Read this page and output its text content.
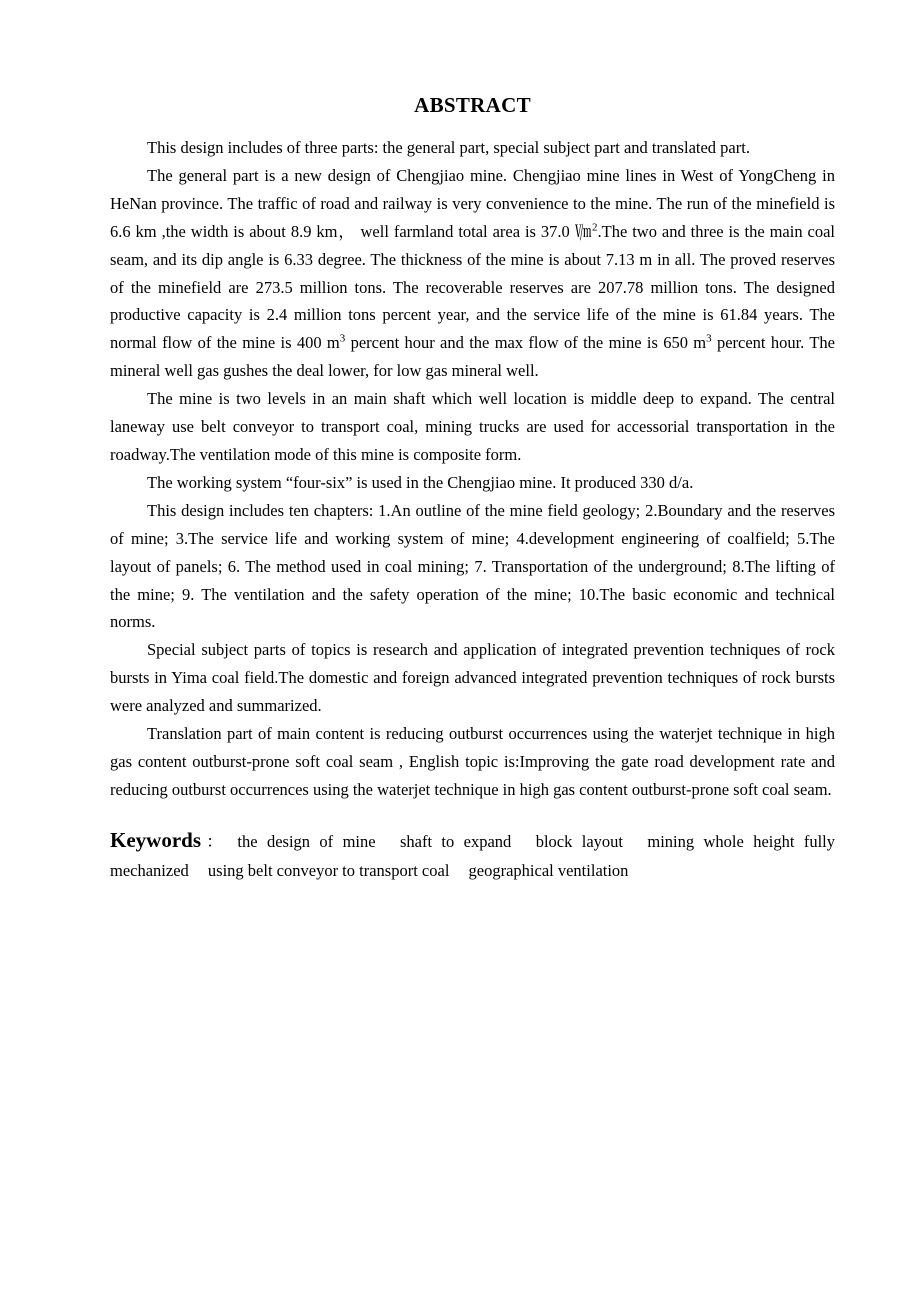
ABSTRACT

This design includes of three parts: the general part, special subject part and translated part.

The general part is a new design of Chengjiao mine. Chengjiao mine lines in West of YongCheng in HeNan province. The traffic of road and railway is very convenience to the mine. The run of the minefield is 6.6 km ,the width is about 8.9 km， well farmland total area is 37.0 ㏞$^2$.The two and three is the main coal seam, and its dip angle is 6.33 degree. The thickness of the mine is about 7.13 m in all. The proved reserves of the minefield are 273.5 million tons. The recoverable reserves are 207.78 million tons. The designed productive capacity is 2.4 million tons percent year, and the service life of the mine is 61.84 years. The normal flow of the mine is 400 $m^3$ percent hour and the max flow of the mine is 650 $m^3$ percent hour. The mineral well gas gushes the deal lower, for low gas mineral well.

The mine is two levels in an main shaft which well location is middle deep to expand. The central laneway use belt conveyor to transport coal, mining trucks are used for accessorial transportation in the roadway.The ventilation mode of this mine is composite form.

The working system “four-six” is used in the Chengjiao mine. It produced 330 d/a.

This design includes ten chapters: 1.An outline of the mine field geology; 2.Boundary and the reserves of mine; 3.The service life and working system of mine; 4.development engineering of coalfield; 5.The layout of panels; 6. The method used in coal mining; 7. Transportation of the underground; 8.The lifting of the mine; 9. The ventilation and the safety operation of the mine; 10.The basic economic and technical norms.

Special subject parts of topics is research and application of integrated prevention techniques of rock bursts in Yima coal field.The domestic and foreign advanced integrated prevention techniques of rock bursts were analyzed and summarized.

Translation part of main content is reducing outburst occurrences using the waterjet technique in high gas content outburst-prone soft coal seam , English topic is:Improving the gate road development rate and reducing outburst occurrences using the waterjet technique in high gas content outburst-prone soft coal seam.

Keywords： the design of mine shaft to expand block layout mining whole height fully mechanized using belt conveyor to transport coal geographical ventilation
